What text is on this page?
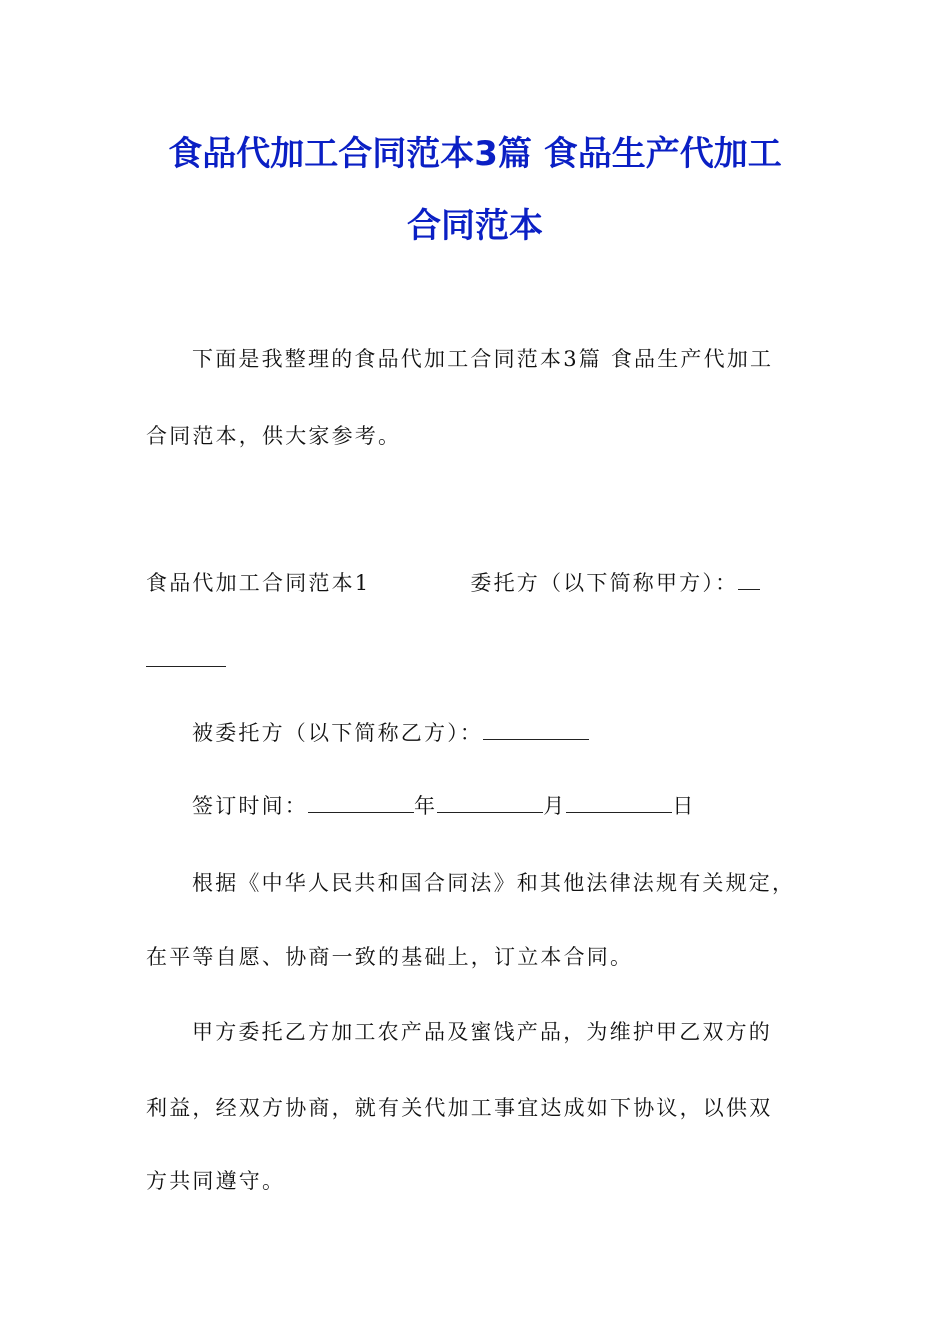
食品代加工合同范本3篇 食品生产代加工
合同范本
下面是我整理的食品代加工合同范本3篇 食品生产代加工
合同范本，供大家参考。
食品代加工合同范本1	委托方（以下简称甲方）：
被委托方（以下简称乙方）：
签订时间：	年	月	日
根据《中华人民共和国合同法》和其他法律法规有关规定，
在平等自愿、协商一致的基础上，订立本合同。
甲方委托乙方加工农产品及蜜饯产品，为维护甲乙双方的
利益，经双方协商，就有关代加工事宜达成如下协议，以供双
方共同遵守。
